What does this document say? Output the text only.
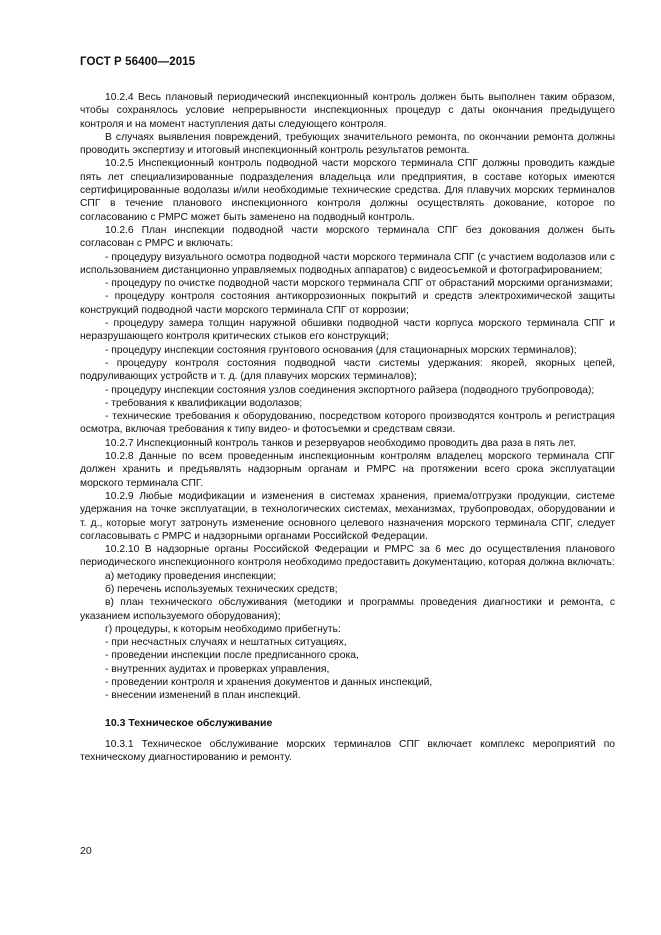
ГОСТ Р 56400—2015

10.2.4 Весь плановый периодический инспекционный контроль должен быть выполнен таким образом, чтобы сохранялось условие непрерывности инспекционных процедур с даты окончания предыдущего контроля и на момент наступления даты следующего контроля.

В случаях выявления повреждений, требующих значительного ремонта, по окончании ремонта должны проводить экспертизу и итоговый инспекционный контроль результатов ремонта.

10.2.5 Инспекционный контроль подводной части морского терминала СПГ должны проводить каждые пять лет специализированные подразделения владельца или предприятия, в составе которых имеются сертифицированные водолазы и/или необходимые технические средства. Для плавучих морских терминалов СПГ в течение планового инспекционного контроля должны осуществлять докование, которое по согласованию с РМРС может быть заменено на подводный контроль.

10.2.6 План инспекции подводной части морского терминала СПГ без докования должен быть согласован с РМРС и включать:

- процедуру визуального осмотра подводной части морского терминала СПГ (с участием водолазов или с использованием дистанционно управляемых подводных аппаратов) с видеосъемкой и фотографированием;

- процедуру по очистке подводной части морского терминала СПГ от обрастаний морскими организмами;

- процедуру контроля состояния антикоррозионных покрытий и средств электрохимической защиты конструкций подводной части морского терминала СПГ от коррозии;

- процедуру замера толщин наружной обшивки подводной части корпуса морского терминала СПГ и неразрушающего контроля критических стыков его конструкций;

- процедуру инспекции состояния грунтового основания (для стационарных морских терминалов);

- процедуру контроля состояния подводной части системы удержания: якорей, якорных цепей, подруливающих устройств и т. д. (для плавучих морских терминалов);

- процедуру инспекции состояния узлов соединения экспортного райзера (подводного трубопровода);

- требования к квалификации водолазов;

- технические требования к оборудованию, посредством которого производятся контроль и регистрация осмотра, включая требования к типу видео- и фотосъемки и средствам связи.

10.2.7 Инспекционный контроль танков и резервуаров необходимо проводить два раза в пять лет.

10.2.8 Данные по всем проведенным инспекционным контролям владелец морского терминала СПГ должен хранить и предъявлять надзорным органам и РМРС на протяжении всего срока эксплуатации морского терминала СПГ.

10.2.9 Любые модификации и изменения в системах хранения, приема/отгрузки продукции, системе удержания на точке эксплуатации, в технологических системах, механизмах, трубопроводах, оборудовании и т. д., которые могут затронуть изменение основного целевого назначения морского терминала СПГ, следует согласовывать с РМРС и надзорными органами Российской Федерации.

10.2.10 В надзорные органы Российской Федерации и РМРС за 6 мес до осуществления планового периодического инспекционного контроля необходимо предоставить документацию, которая должна включать:

а) методику проведения инспекции;

б) перечень используемых технических средств;

в) план технического обслуживания (методики и программы проведения диагностики и ремонта, с указанием используемого оборудования);

г) процедуры, к которым необходимо прибегнуть:

- при несчастных случаях и нештатных ситуациях,

- проведении инспекции после предписанного срока,

- внутренних аудитах и проверках управления,

- проведении контроля и хранения документов и данных инспекций,

- внесении изменений в план инспекций.

10.3 Техническое обслуживание

10.3.1 Техническое обслуживание морских терминалов СПГ включает комплекс мероприятий по техническому диагностированию и ремонту.

20
